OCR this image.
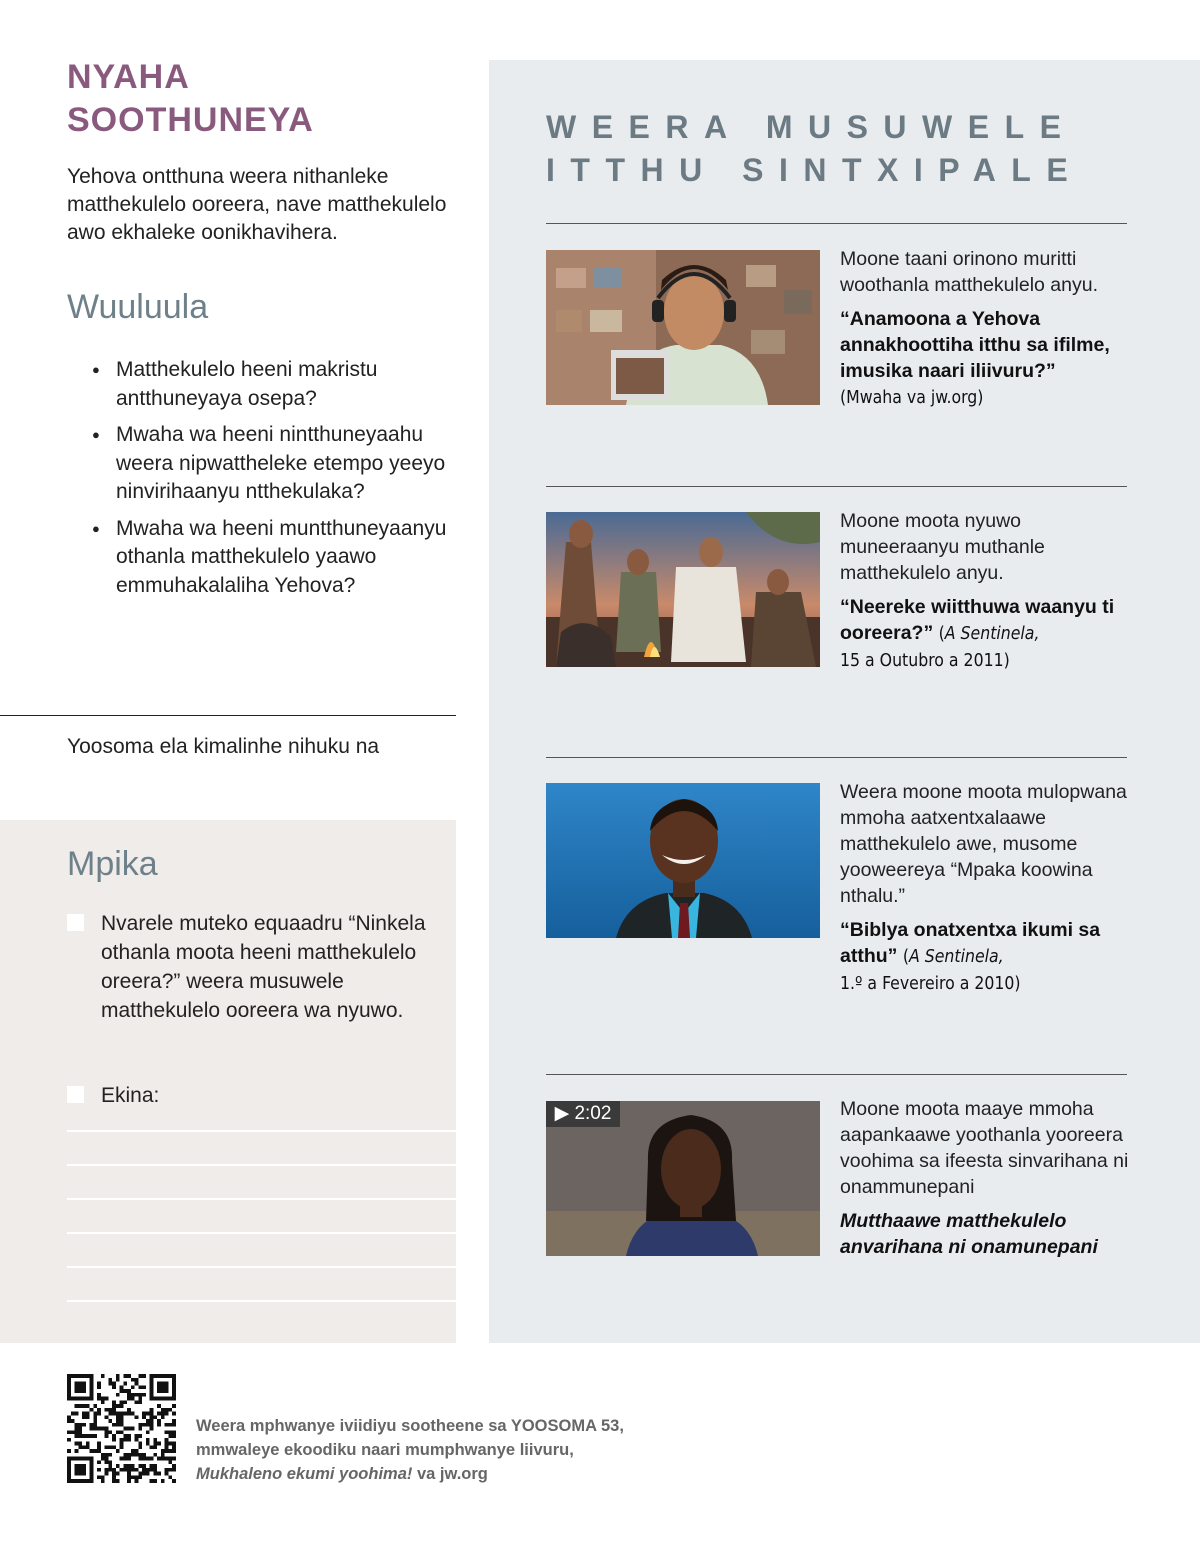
NYAHA
SOOTHUNEYA

Yehova ontthuna weera nithanleke matthekulelo ooreera, nave matthekulelo awo ekhaleke oonikhavihera.

Wuuluula
● Matthekulelo heeni makristu antthuneyaya osepa?
● Mwaha wa heeni nintthuneyaahu weera nipwattheleke etempo yeeyo ninvirihaanyu ntthekulaka?
● Mwaha wa heeni muntthuneyaanyu othanla matthekulelo yaawo emmuhakalaliha Yehova?

Yoosoma ela kimalinhe nihuku na

Mpika
Nvarele muteko equaadru “Ninkela othanla moota heeni matthekulelo oreera?” weera musuwele matthekulelo ooreera wa nyuwo.
Ekina:
WEERA MUSUWELE
ITTHU SINTXIPALE

Moone taani orinono muritti woothanla matthekulelo anyu.

“Anamoona a Yehova annakhoottiha itthu sa ifilme, imusika naari iliivuru?”
(Mwaha va jw.org)

Moone moota nyuwo muneeraanyu muthanle matthekulelo anyu.

“Neereke wiitthuwa waanyu ti ooreera?” (A Sentinela,
15 a Outubro a 2011)

Weera moone moota mulopwana mmoha aatxentxalaawe matthekulelo awe, musome yooweereya “Mpaka koowina nthalu.”

“Biblya onatxentxa ikumi sa atthu” (A Sentinela,
1.º a Fevereiro a 2010)

▶ 2:02	Moone moota maaye mmoha aapankaawe yoothanla yooreera voohima sa ifeesta sinvarihana ni onammunepani

Mutthaawe matthekulelo anvarihana ni onamunepani

Weera mphwanye iviidiyu sootheene sa YOOSOMA 53,
mmwaleye ekoodiku naari mumphwanye liivuru,
Mukhaleno ekumi yoohima! va jw.org
